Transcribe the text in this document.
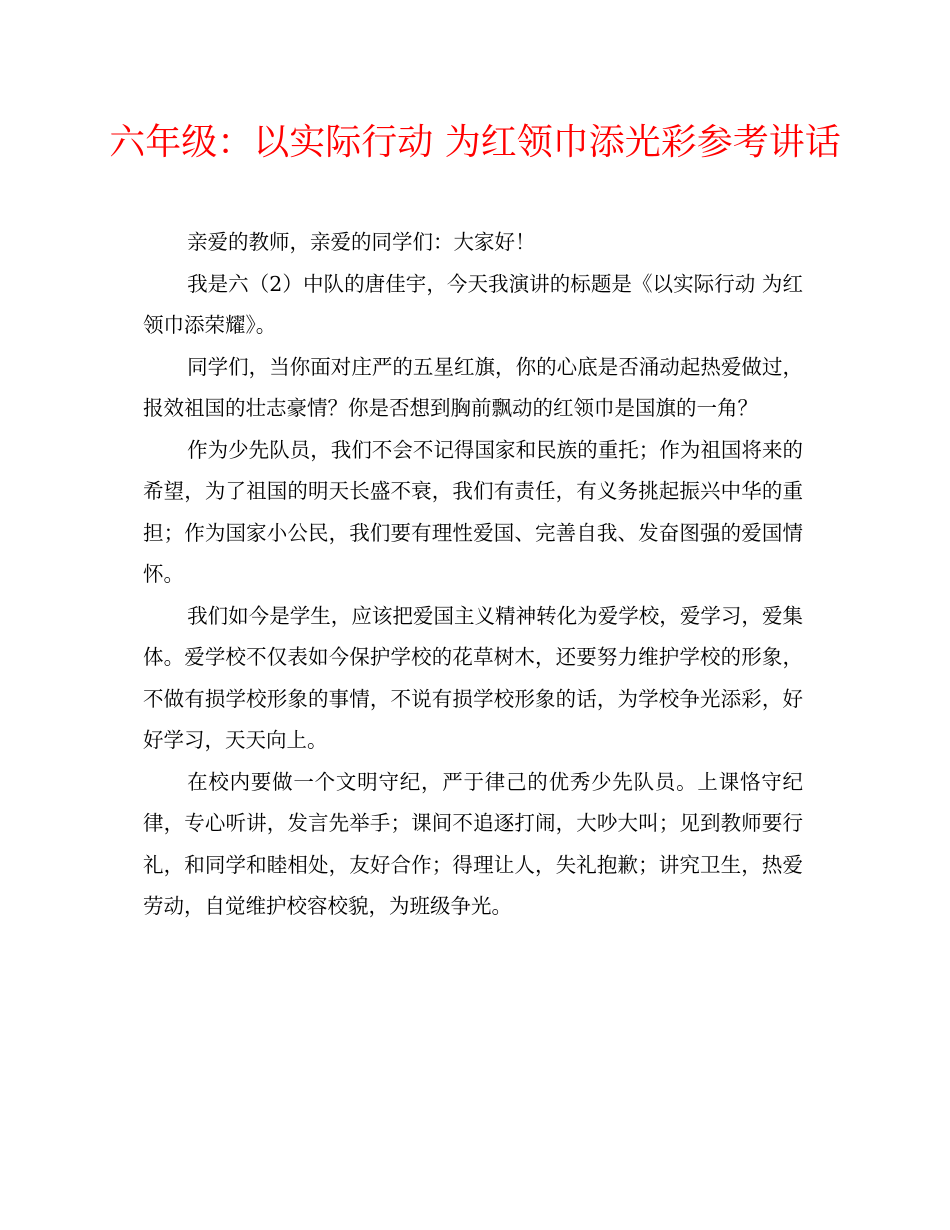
六年级：以实际行动 为红领巾添光彩参考讲话

亲爱的教师，亲爱的同学们：大家好！

我是六（2）中队的唐佳宇，今天我演讲的标题是《以实际行动 为红领巾添荣耀》。

同学们，当你面对庄严的五星红旗，你的心底是否涌动起热爱做过，报效祖国的壮志豪情？你是否想到胸前飘动的红领巾是国旗的一角？

作为少先队员，我们不会不记得国家和民族的重托；作为祖国将来的希望，为了祖国的明天长盛不衰，我们有责任，有义务挑起振兴中华的重担；作为国家小公民，我们要有理性爱国、完善自我、发奋图强的爱国情怀。

我们如今是学生，应该把爱国主义精神转化为爱学校，爱学习，爱集体。爱学校不仅表如今保护学校的花草树木，还要努力维护学校的形象，不做有损学校形象的事情，不说有损学校形象的话，为学校争光添彩，好好学习，天天向上。

在校内要做一个文明守纪，严于律己的优秀少先队员。上课恪守纪律，专心听讲，发言先举手；课间不追逐打闹，大吵大叫；见到教师要行礼，和同学和睦相处，友好合作；得理让人，失礼抱歉；讲究卫生，热爱劳动，自觉维护校容校貌，为班级争光。
